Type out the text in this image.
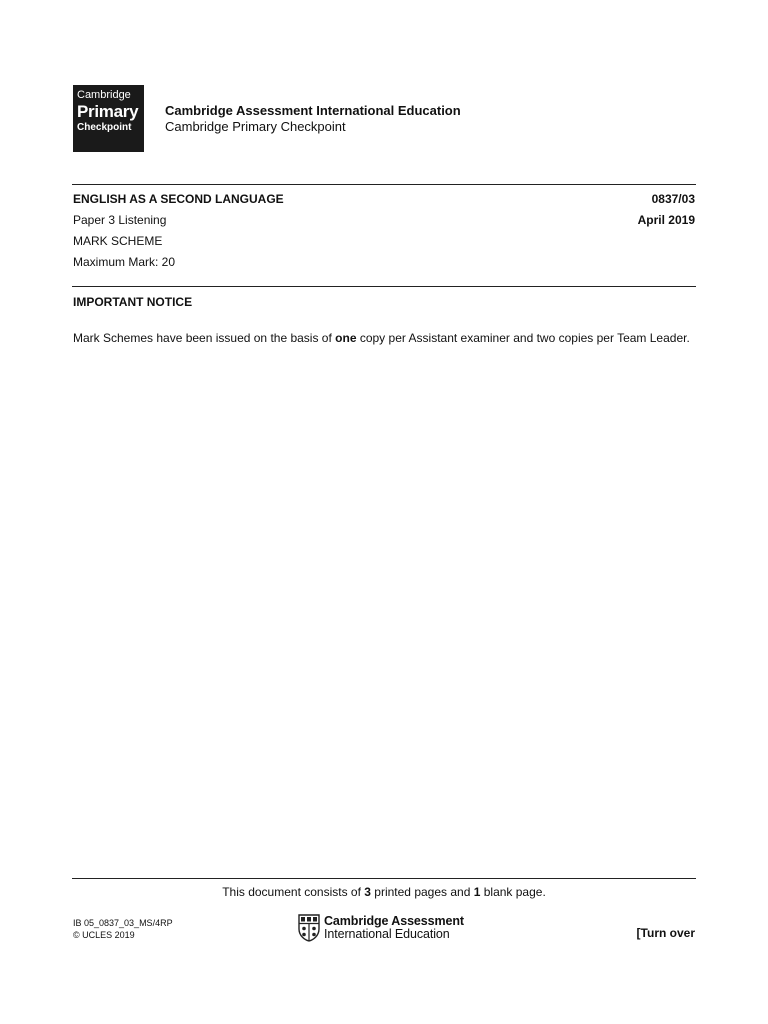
Cambridge
Primary
Checkpoint
Cambridge Assessment International Education
Cambridge Primary Checkpoint
ENGLISH AS A SECOND LANGUAGE	0837/03
Paper 3 Listening	April 2019
MARK SCHEME
Maximum Mark: 20
IMPORTANT NOTICE
Mark Schemes have been issued on the basis of one copy per Assistant examiner and two copies per Team Leader.
This document consists of 3 printed pages and 1 blank page.
IB 05_0837_03_MS/4RP
© UCLES 2019
Cambridge Assessment
International Education	[Turn over
